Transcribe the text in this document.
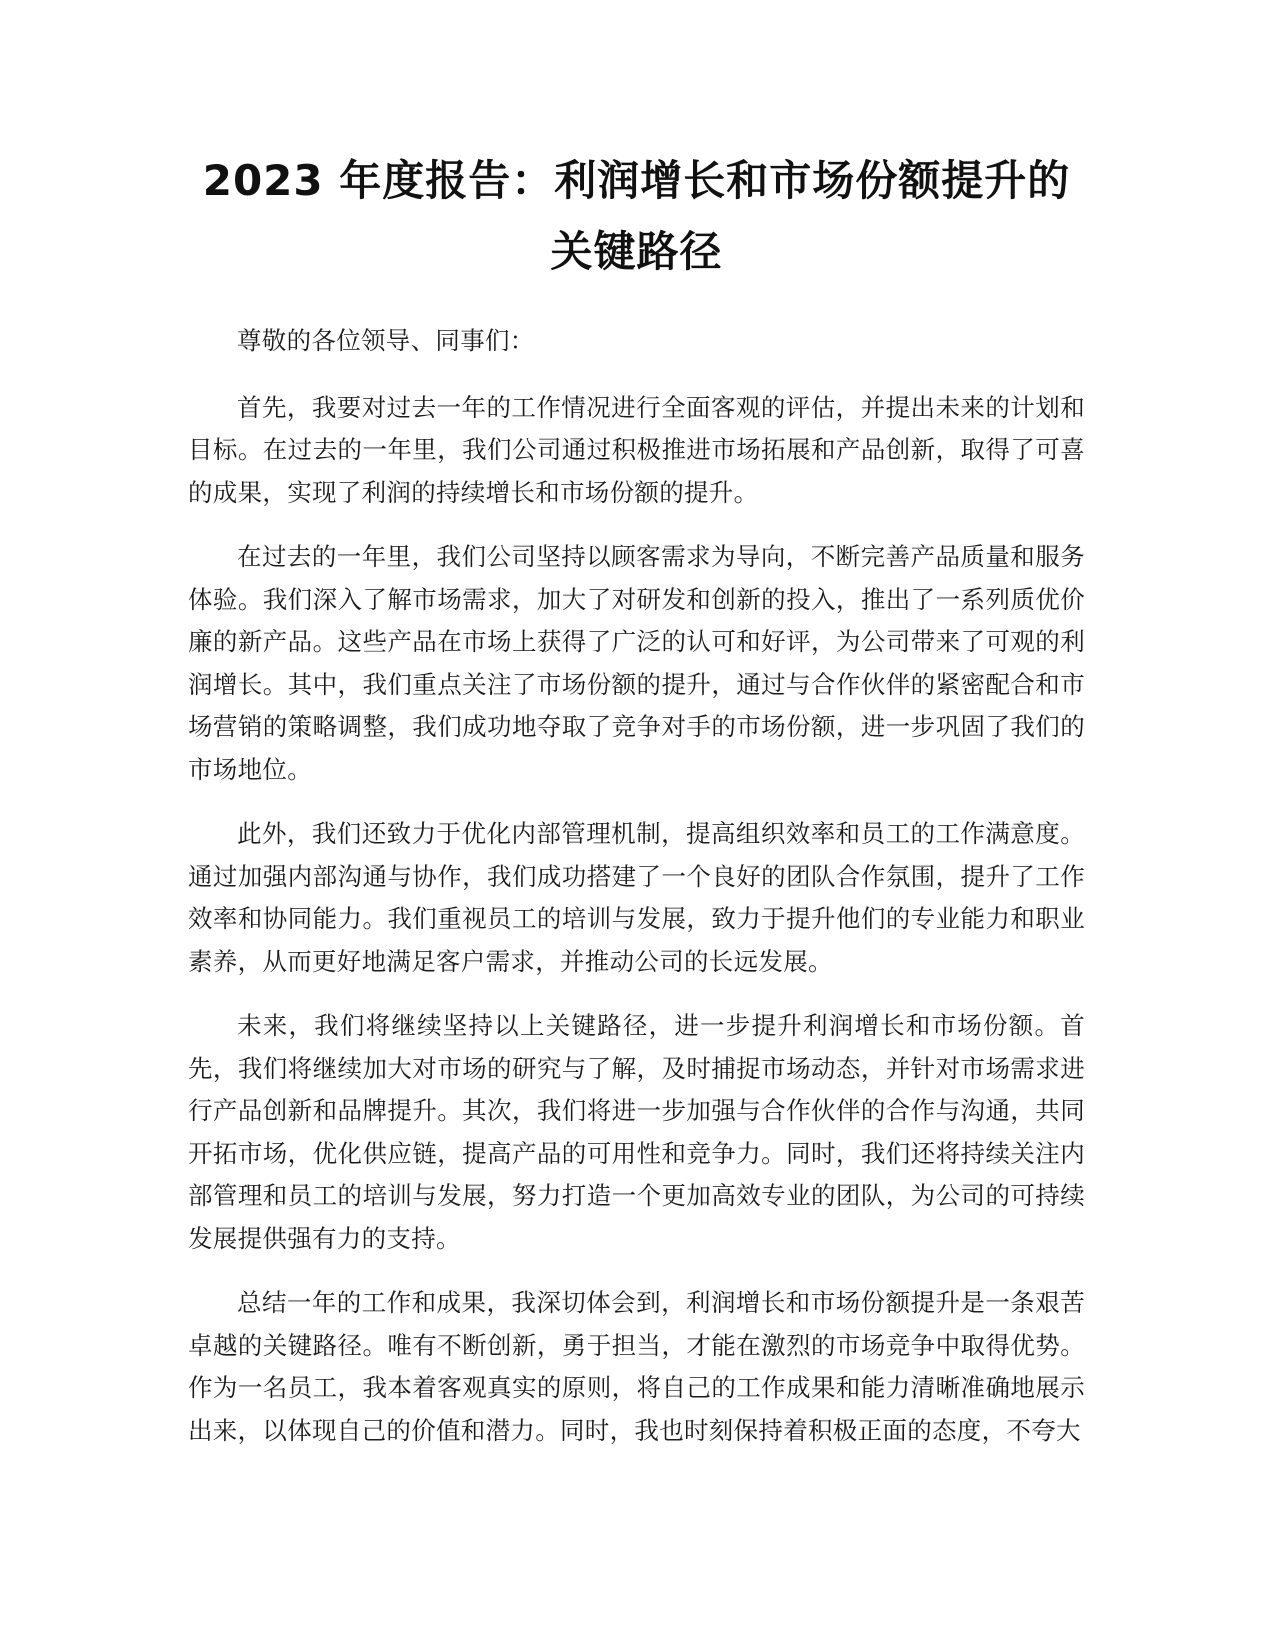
2023 年度报告：利润增长和市场份额提升的
关键路径

尊敬的各位领导、同事们：

首先，我要对过去一年的工作情况进行全面客观的评估，并提出未来的计划和目标。在过去的一年里，我们公司通过积极推进市场拓展和产品创新，取得了可喜的成果，实现了利润的持续增长和市场份额的提升。

在过去的一年里，我们公司坚持以顾客需求为导向，不断完善产品质量和服务体验。我们深入了解市场需求，加大了对研发和创新的投入，推出了一系列质优价廉的新产品。这些产品在市场上获得了广泛的认可和好评，为公司带来了可观的利润增长。其中，我们重点关注了市场份额的提升，通过与合作伙伴的紧密配合和市场营销的策略调整，我们成功地夺取了竞争对手的市场份额，进一步巩固了我们的市场地位。

此外，我们还致力于优化内部管理机制，提高组织效率和员工的工作满意度。通过加强内部沟通与协作，我们成功搭建了一个良好的团队合作氛围，提升了工作效率和协同能力。我们重视员工的培训与发展，致力于提升他们的专业能力和职业素养，从而更好地满足客户需求，并推动公司的长远发展。

未来，我们将继续坚持以上关键路径，进一步提升利润增长和市场份额。首先，我们将继续加大对市场的研究与了解，及时捕捉市场动态，并针对市场需求进行产品创新和品牌提升。其次，我们将进一步加强与合作伙伴的合作与沟通，共同开拓市场，优化供应链，提高产品的可用性和竞争力。同时，我们还将持续关注内部管理和员工的培训与发展，努力打造一个更加高效专业的团队，为公司的可持续发展提供强有力的支持。

总结一年的工作和成果，我深切体会到，利润增长和市场份额提升是一条艰苦卓越的关键路径。唯有不断创新，勇于担当，才能在激烈的市场竞争中取得优势。作为一名员工，我本着客观真实的原则，将自己的工作成果和能力清晰准确地展示出来，以体现自己的价值和潜力。同时，我也时刻保持着积极正面的态度，不夸大
